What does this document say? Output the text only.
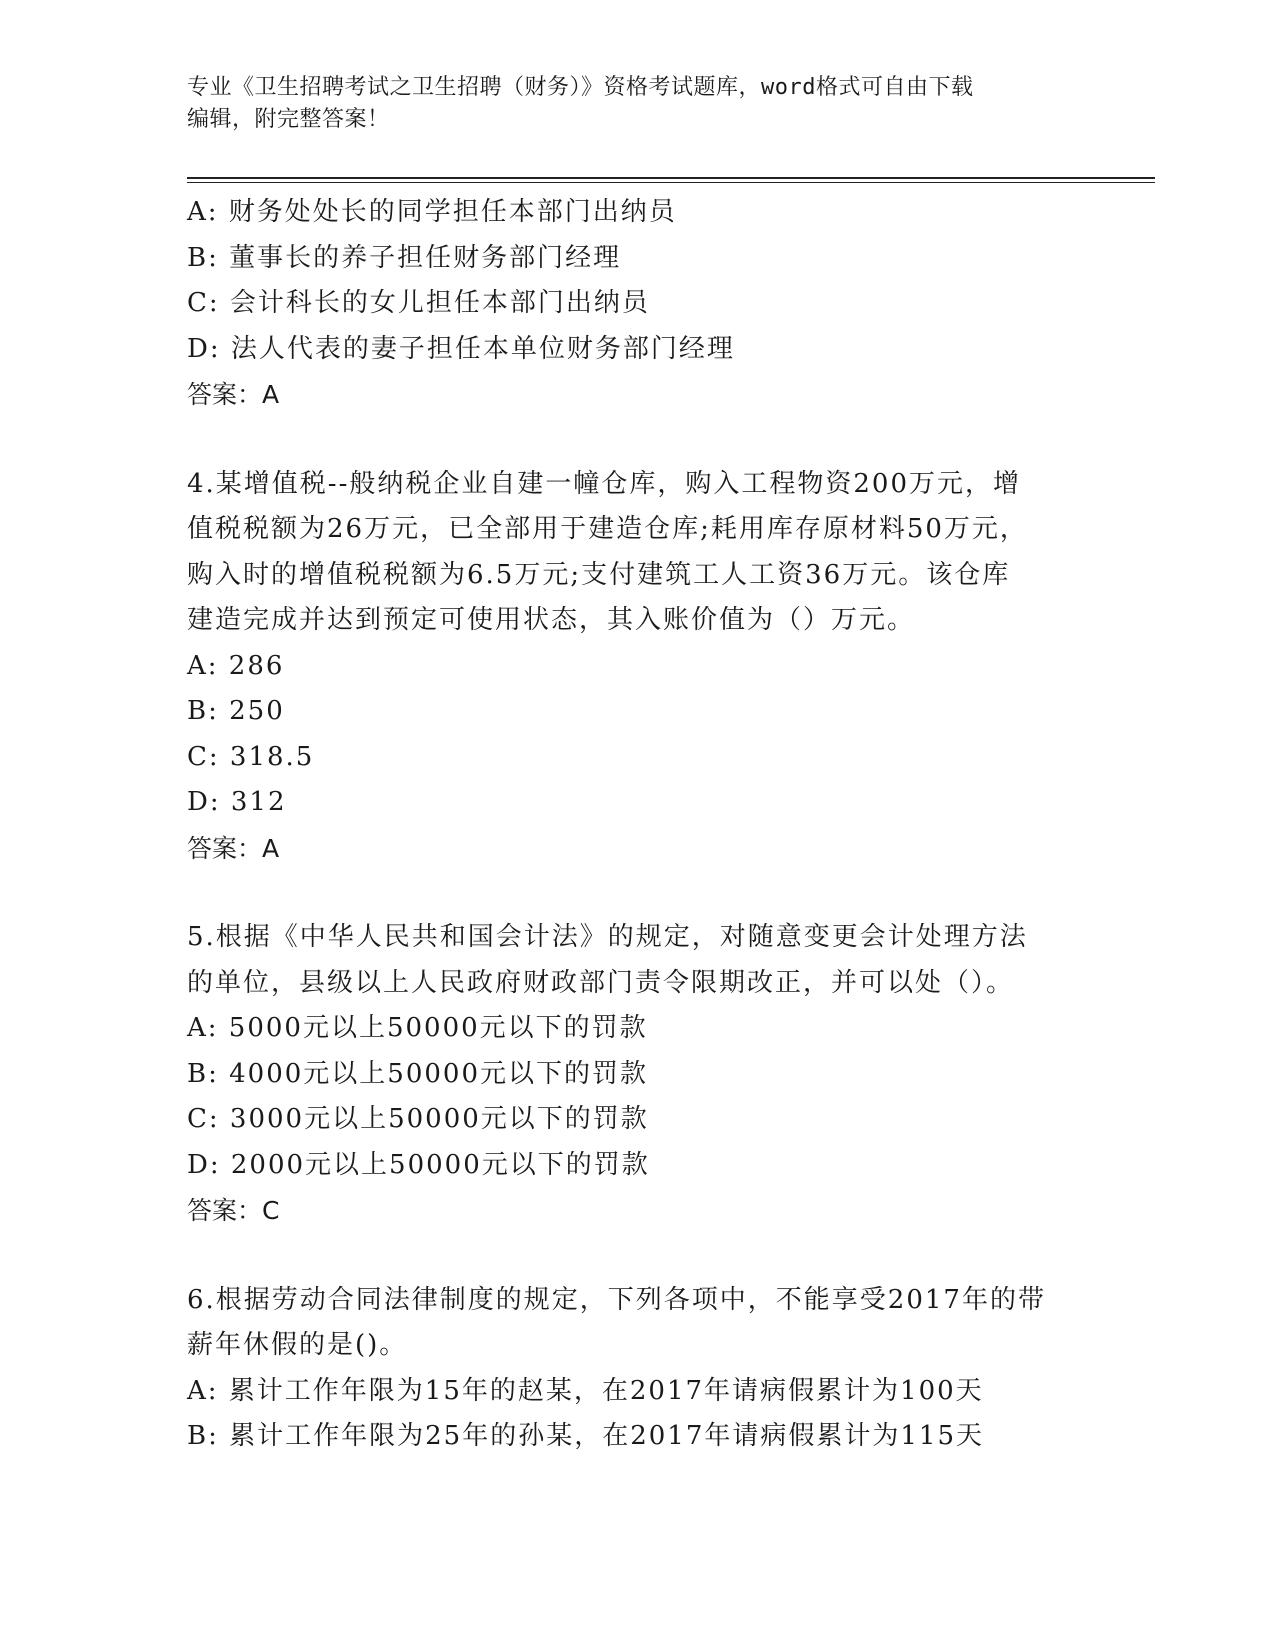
专业《卫生招聘考试之卫生招聘（财务）》资格考试题库，word格式可自由下载
编辑，附完整答案！
A: 财务处处长的同学担任本部门出纳员
B: 董事长的养子担任财务部门经理
C: 会计科长的女儿担任本部门出纳员
D: 法人代表的妻子担任本单位财务部门经理
答案：A
4.某增值税--般纳税企业自建一幢仓库，购入工程物资200万元，增
值税税额为26万元，已全部用于建造仓库;耗用库存原材料50万元，
购入时的增值税税额为6.5万元;支付建筑工人工资36万元。该仓库
建造完成并达到预定可使用状态，其入账价值为（）万元。
A: 286
B: 250
C: 318.5
D: 312
答案：A
5.根据《中华人民共和国会计法》的规定，对随意变更会计处理方法
的单位，县级以上人民政府财政部门责令限期改正，并可以处（）。
A: 5000元以上50000元以下的罚款
B: 4000元以上50000元以下的罚款
C: 3000元以上50000元以下的罚款
D: 2000元以上50000元以下的罚款
答案：C
6.根据劳动合同法律制度的规定，下列各项中，不能享受2017年的带
薪年休假的是()。
A: 累计工作年限为15年的赵某，在2017年请病假累计为100天
B: 累计工作年限为25年的孙某，在2017年请病假累计为115天
